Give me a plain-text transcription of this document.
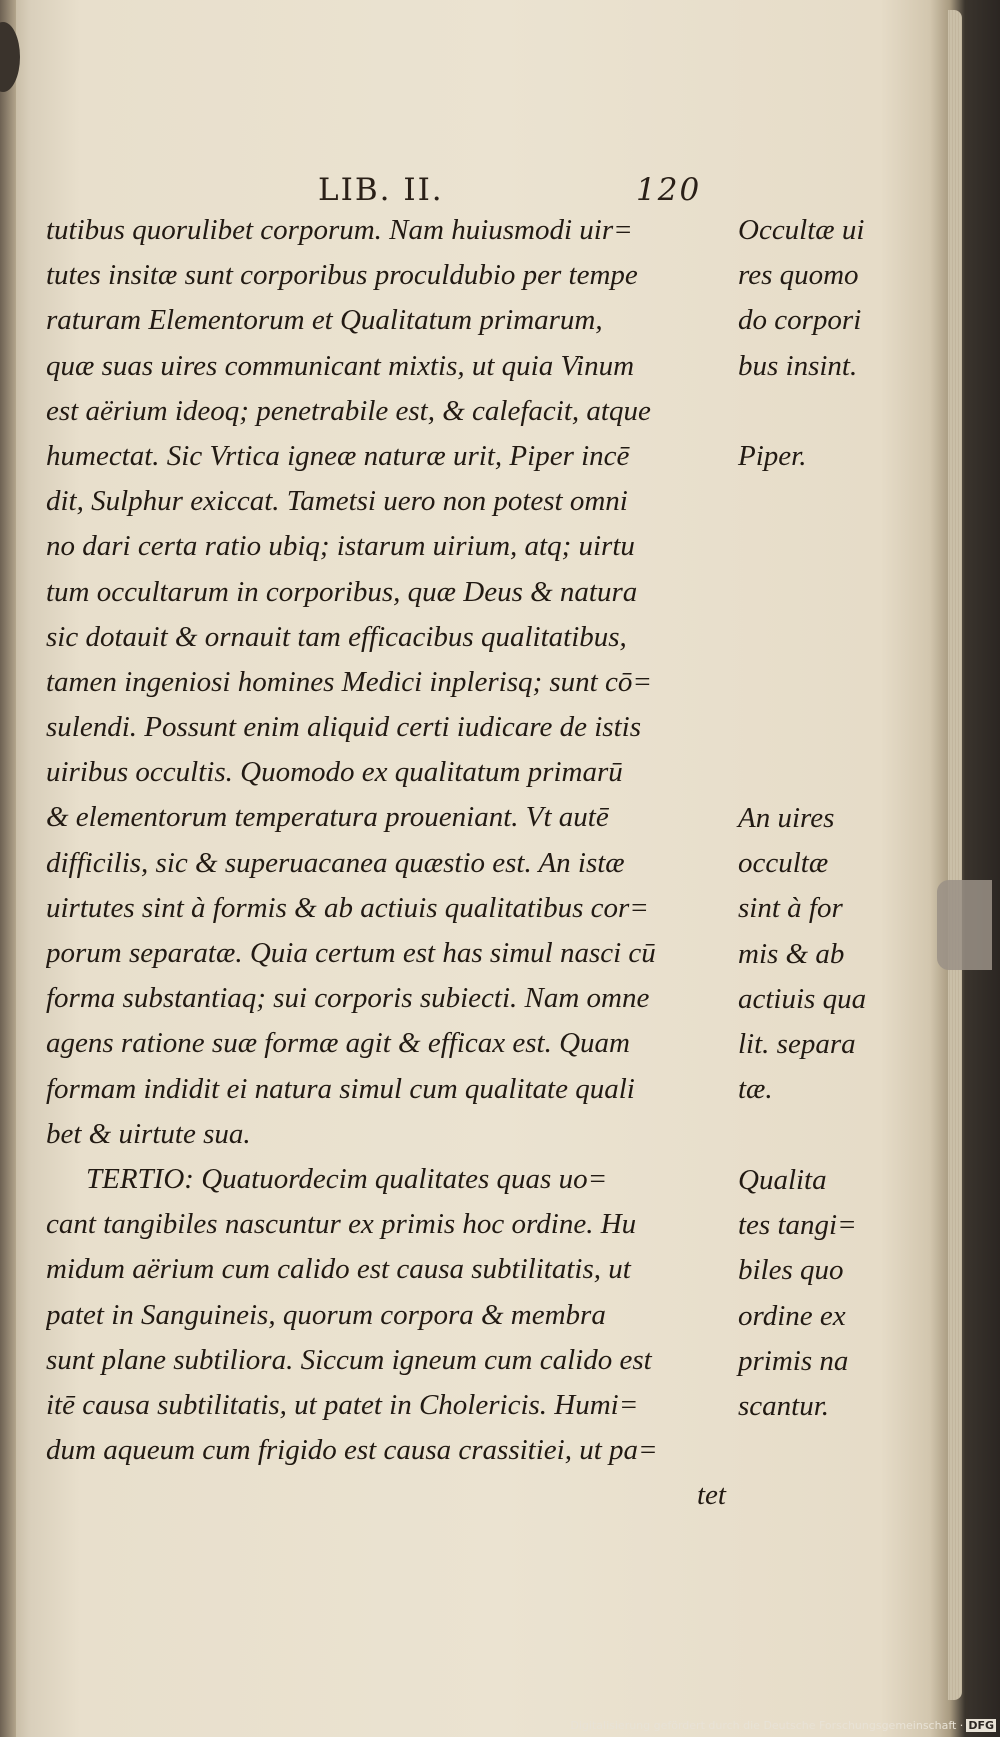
LIB. II.	120
tutibus quorulibet corporum. Nam huiusmodi uir=
tutes insitæ sunt corporibus proculdubio per tempe
raturam Elementorum et Qualitatum primarum,
quæ suas uires communicant mixtis, ut quia Vinum
est aërium ideoq; penetrabile est, & calefacit, atque
humectat. Sic Vrtica igneæ naturæ urit, Piper incē
dit, Sulphur exiccat. Tametsi uero non potest omni
no dari certa ratio ubiq; istarum uirium, atq; uirtu
tum occultarum in corporibus, quæ Deus & natura
sic dotauit & ornauit tam efficacibus qualitatibus,
tamen ingeniosi homines Medici inplerisq; sunt cō=
sulendi. Possunt enim aliquid certi iudicare de istis
uiribus occultis. Quomodo ex qualitatum primarū
& elementorum temperatura proueniant. Vt autē
difficilis, sic & superuacanea quæstio est. An istæ
uirtutes sint à formis & ab actiuis qualitatibus cor=
porum separatæ. Quia certum est has simul nasci cū
forma substantiaq; sui corporis subiecti. Nam omne
agens ratione suæ formæ agit & efficax est. Quam
formam indidit ei natura simul cum qualitate quali
bet & uirtute sua.
TERTIO: Quatuordecim qualitates quas uo=
cant tangibiles nascuntur ex primis hoc ordine. Hu
midum aërium cum calido est causa subtilitatis, ut
patet in Sanguineis, quorum corpora & membra
sunt plane subtiliora. Siccum igneum cum calido est
itē causa subtilitatis, ut patet in Cholericis. Humi=
dum aqueum cum frigido est causa crassitiei, ut pa=
tet
Occultæ ui
res quomo
do corpori
bus insint.
Piper.
An uires
occultæ
sint à for
mis & ab
actiuis qua
lit. separa
tæ.
Qualita
tes tangi=
biles quo
ordine ex
primis na
scantur.
Digitalisierung gefördert durch die Deutsche Forschungsgemeinschaft · DFG
